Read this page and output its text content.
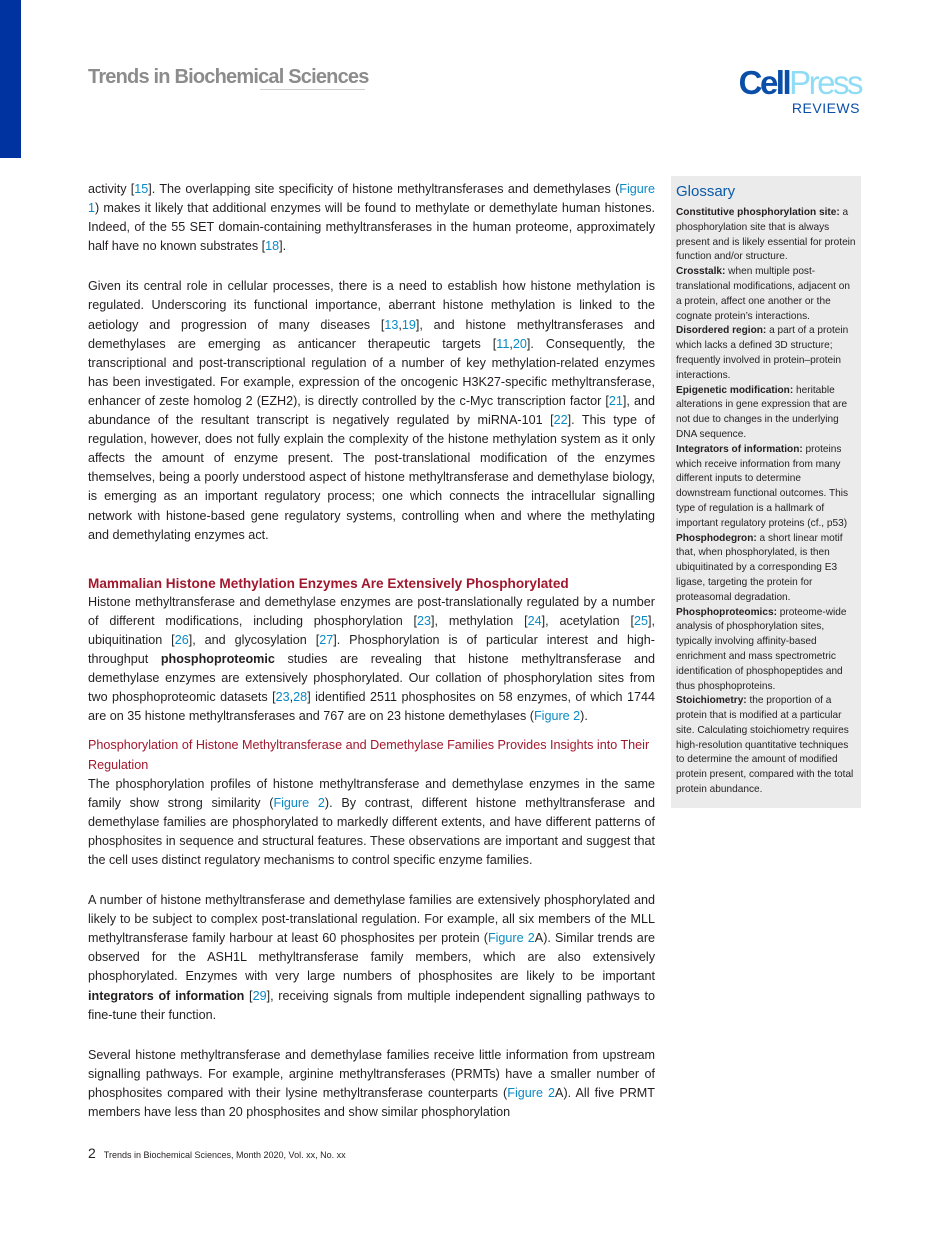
Trends in Biochemical Sciences	CellPress
REVIEWS

activity [15]. The overlapping site specificity of histone methyltransferases and demethylases (Figure 1) makes it likely that additional enzymes will be found to methylate or demethylate human histones. Indeed, of the 55 SET domain-containing methyltransferases in the human proteome, approximately half have no known substrates [18].

Given its central role in cellular processes, there is a need to establish how histone methylation is regulated. Underscoring its functional importance, aberrant histone methylation is linked to the aetiology and progression of many diseases [13,19], and histone methyltransferases and demethylases are emerging as anticancer therapeutic targets [11,20]. Consequently, the transcriptional and post-transcriptional regulation of a number of key methylation-related enzymes has been investigated. For example, expression of the oncogenic H3K27-specific methyltransferase, enhancer of zeste homolog 2 (EZH2), is directly controlled by the c-Myc transcription factor [21], and abundance of the resultant transcript is negatively regulated by miRNA-101 [22]. This type of regulation, however, does not fully explain the complexity of the histone methylation system as it only affects the amount of enzyme present. The post-translational modification of the enzymes themselves, being a poorly understood aspect of histone methyltransferase and demethylase biology, is emerging as an important regulatory process; one which connects the intracellular signalling network with histone-based gene regulatory systems, controlling when and where the methylating and demethylating enzymes act.

Mammalian Histone Methylation Enzymes Are Extensively Phosphorylated

Histone methyltransferase and demethylase enzymes are post-translationally regulated by a number of different modifications, including phosphorylation [23], methylation [24], acetylation [25], ubiquitination [26], and glycosylation [27]. Phosphorylation is of particular interest and high-throughput phosphoproteomic studies are revealing that histone methyltransferase and demethylase enzymes are extensively phosphorylated. Our collation of phosphorylation sites from two phosphoproteomic datasets [23,28] identified 2511 phosphosites on 58 enzymes, of which 1744 are on 35 histone methyltransferases and 767 are on 23 histone demethylases (Figure 2).

Phosphorylation of Histone Methyltransferase and Demethylase Families Provides Insights into Their Regulation

The phosphorylation profiles of histone methyltransferase and demethylase enzymes in the same family show strong similarity (Figure 2). By contrast, different histone methyltransferase and demethylase families are phosphorylated to markedly different extents, and have different patterns of phosphosites in sequence and structural features. These observations are important and suggest that the cell uses distinct regulatory mechanisms to control specific enzyme families.

A number of histone methyltransferase and demethylase families are extensively phosphorylated and likely to be subject to complex post-translational regulation. For example, all six members of the MLL methyltransferase family harbour at least 60 phosphosites per protein (Figure 2A). Similar trends are observed for the ASH1L methyltransferase family members, which are also extensively phosphorylated. Enzymes with very large numbers of phosphosites are likely to be important integrators of information [29], receiving signals from multiple independent signalling pathways to fine-tune their function.

Several histone methyltransferase and demethylase families receive little information from upstream signalling pathways. For example, arginine methyltransferases (PRMTs) have a smaller number of phosphosites compared with their lysine methyltransferase counterparts (Figure 2A). All five PRMT members have less than 20 phosphosites and show similar phosphorylation

Glossary

Constitutive phosphorylation site: a phosphorylation site that is always present and is likely essential for protein function and/or structure.

Crosstalk: when multiple post-translational modifications, adjacent on a protein, affect one another or the cognate protein’s interactions.

Disordered region: a part of a protein which lacks a defined 3D structure; frequently involved in protein–protein interactions.

Epigenetic modification: heritable alterations in gene expression that are not due to changes in the underlying DNA sequence.

Integrators of information: proteins which receive information from many different inputs to determine downstream functional outcomes. This type of regulation is a hallmark of important regulatory proteins (cf., p53)

Phosphodegron: a short linear motif that, when phosphorylated, is then ubiquitinated by a corresponding E3 ligase, targeting the protein for proteasomal degradation.

Phosphoproteomics: proteome-wide analysis of phosphorylation sites, typically involving affinity-based enrichment and mass spectrometric identification of phosphopeptides and thus phosphoproteins.

Stoichiometry: the proportion of a protein that is modified at a particular site. Calculating stoichiometry requires high-resolution quantitative techniques to determine the amount of modified protein present, compared with the total protein abundance.

2 Trends in Biochemical Sciences, Month 2020, Vol. xx, No. xx
